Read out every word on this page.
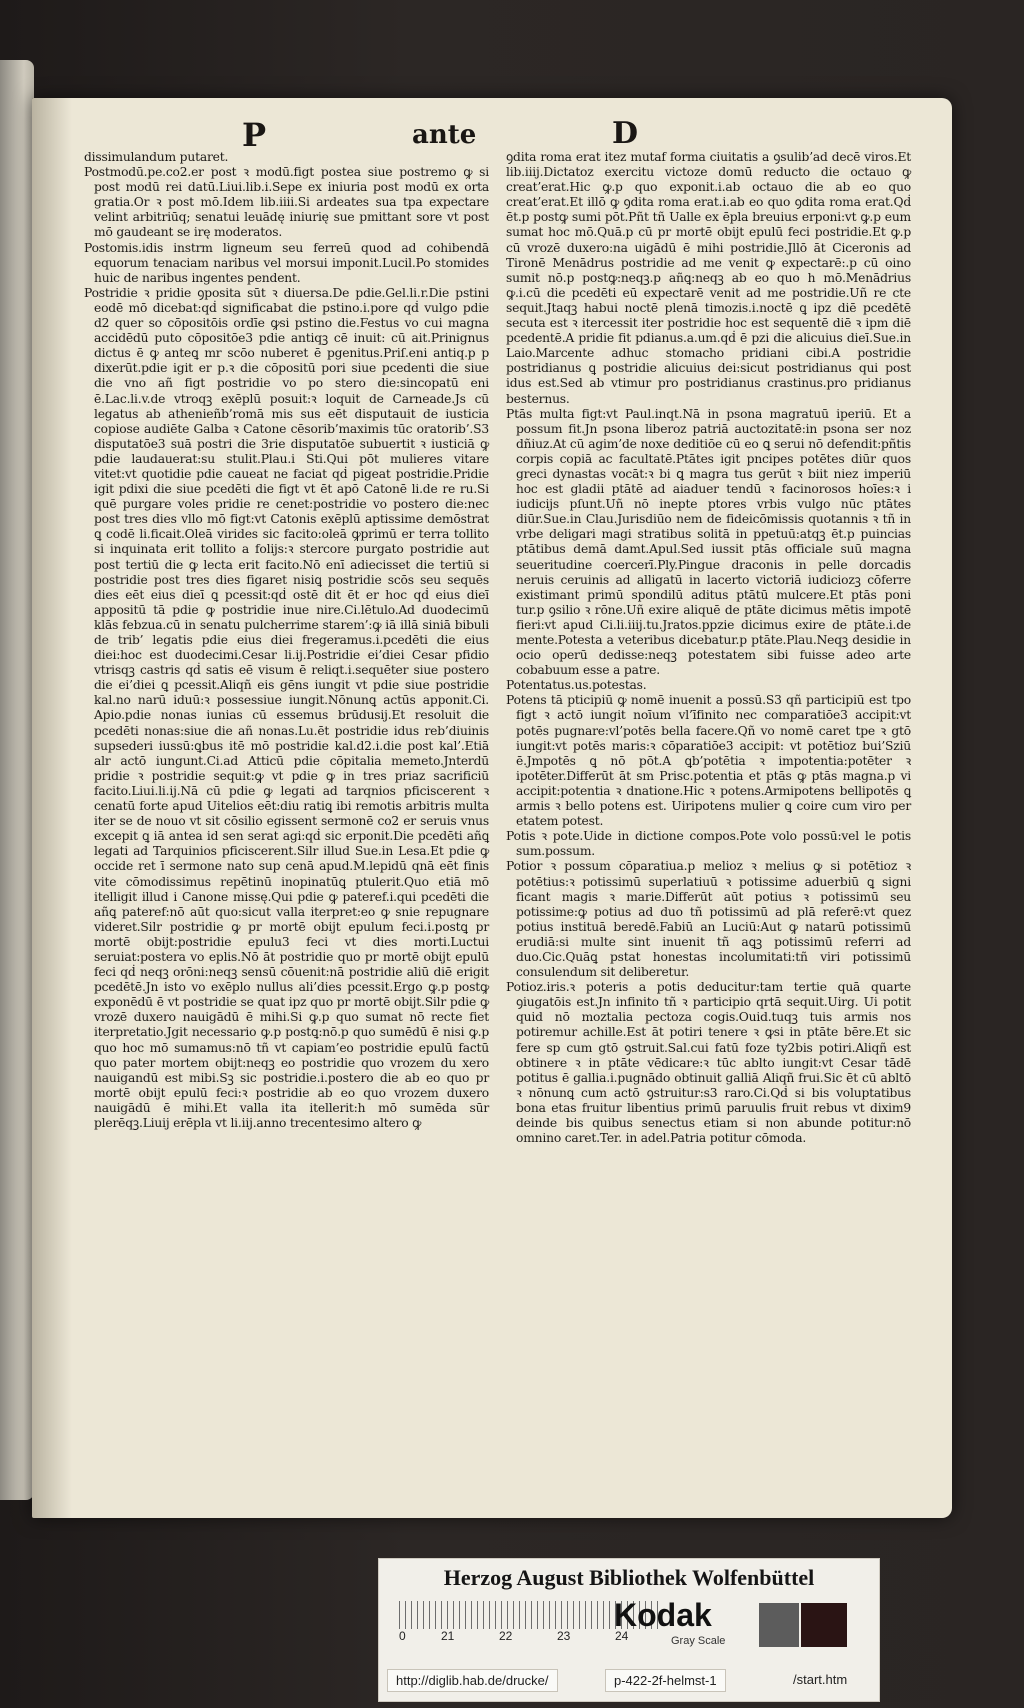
P	ante	D

dissimulandum putaret.

Postmodū.pe.co2.er post ꝛ modū.figt postea siue postremo ꝙ si post modū rei datū.Liui.lib.i.Sepe ex iniuria post modū ex orta gratia.Or ꝛ post mō.Idem lib.iiii.Si ardeates sua tpa expectare velint arbitriūq; senatui leuādę iniurię sue pmittant sore vt post mō gaudeant se irę moderatos.

Postomis.idis instrm ligneum seu ferreū quod ad cohibendā equorum tenaciam naribus vel morsui imponit.Lucil.Po stomides huic de naribus ingentes pendent.

Postridie ꝛ pridie ꝯposita sūt ꝛ diuersa.De pdie.Gel.li.r.Die pstini eodē mō dicebat:qḋ significabat die pstino.i.pore qḋ vulgo pdie d2 quer so cōpositōis ordīe ꝙsi pstino die.Festus vo cui magna accidēdū puto cōpositōe3 pdie antiqꝫ cē inuit: cū ait.Prinignus dictus ē ꝙ anteꝗ mr scōo nuberet ē pgenitus.Priſ.eni antiq.p p dixerūt.pdie igit er p.ꝛ die cōpositū pori siue pcedenti die siue die vno añ figt postridie vo po stero die:sincopatū eni ē.Lac.li.v.de vtroqꝫ exēplū posuit:ꝛ loquit de Carneade.Js cū legatus ab athenieñb’romā mis sus eēt disputauit de iusticia copiose audiēte Galba ꝛ Catone cēsorib’maximis tūc oratorib’.S3 disputatōe3 suā postri die 3rie disputatōe subuertit ꝛ iusticiā ꝙ pdie laudauerat:su stulit.Plau.i Sti.Qui pōt mulieres vitare vitet:vt quotidie pdie caueat ne faciat qḋ pigeat postridie.Pridie igit pdixi die siue pcedēti die figt vt ēt apō Catonē li.de re ru.Si quē purgare voles pridie re cenet:postridie vo postero die:nec post tres dies vllo mō figt:vt Catonis exēplū aptissime demōstrat ꝗ codē li.ficait.Oleā virides sic facito:oleā ꝙprimū er terra tollito si inquinata erit tollito a folijs:ꝛ stercore purgato postridie aut post tertiū die ꝙ lecta erit facito.Nō enī adiecisset die tertiū si postridie post tres dies figaret nisiꝗ postridie scōs seu sequēs dies eēt eius dieī ꝗ pcessit:qḋ ostē dit ēt er hoc qḋ eius dieī appositū tā pdie ꝙ postridie inue nire.Ci.lētulo.Ad duodecimū klās febzua.cū in senatu pulcherrime starem’:ꝙ iā illā siniā bibuli de trib’ legatis pdie eius diei fregeramus.i.pcedēti die eius diei:hoc est duodecimi.Cesar li.ij.Postridie ei’diei Cesar pfidio vtrisqꝫ castris qḋ satis eē visum ē reliqt.i.sequēter siue postero die ei’diei ꝗ pcessit.Aliqñ eis gēns iungit vt pdie siue postridie kal.no narū iduū:ꝛ possessiue iungit.Nōnunꝗ actūs apponit.Ci. Apio.pdie nonas iunias cū essemus brūdusij.Et resoluit die pcedēti nonas:siue die añ nonas.Lu.ēt postridie idus reb’diuinis supsederi iussū:ꝗbus itē mō postridie kal.d2.i.die post kal’.Etiā alr actō iungunt.Ci.ad Atticū pdie cōpitalia memeto.Jnterdū pridie ꝛ postridie sequit:ꝙ vt pdie ꝙ in tres priaz sacrificiū facito.Liui.li.ij.Nā cū pdie ꝙ legati ad tarqnios pficiscerent ꝛ cenatū forte apud Uitelios eēt:diu ratiꝗ ibi remotis arbitris multa iter se de nouo vt sit cōsilio egissent sermonē co2 er seruis vnus excepit ꝗ iā antea id sen serat agi:qḋ sic erponit.Die pcedēti añꝗ legati ad Tarquinios pficiscerent.Silr illud Sue.in Lesa.Et pdie ꝙ occide ret ī sermone nato sup cenā apud.M.lepidū qnā eēt finis vite cōmodissimus repētinū inopinatūꝗ ptulerit.Quo etiā mō itelligit illud i Canone missę.Qui pdie ꝙ pateref.i.qui pcedēti die añꝗ pateref:nō aūt quo:sicut valla iterpret:eo ꝙ snie repugnare videret.Silr postridie ꝙ pr mortē obijt epulum feci.i.postꝗ pr mortē obijt:postridie epulu3 feci vt dies morti.Luctui seruiat:postera vo eplis.Nō āt postridie quo pr mortē obijt epulū feci qḋ neqꝫ orōni:neqꝫ sensū cōuenit:nā postridie aliū diē erigit pcedētē.Jn isto vo exēplo nullus ali’dies pcessit.Ergo ꝙ.p postꝙ exponēdū ē vt postridie se quat ipz quo pr mortē obijt.Silr pdie ꝙ vrozē duxero nauigādū ē mihi.Si ꝙ.p quo sumat nō recte fiet iterpretatio.Jgit necessario ꝙ.p postꝗ:nō.p quo sumēdū ē nisi ꝙ.p quo hoc mō sumamus:nō tñ vt capiam’eo postridie epulū factū quo pater mortem obijt:neqꝫ eo postridie quo vrozem du xero nauigandū est mibi.Sꝫ sic postridie.i.postero die ab eo quo pr mortē obijt epulū feci:ꝛ postridie ab eo quo vrozem duxero nauigādū ē mihi.Et valla ita itellerit:h mō sumēda sūr plerēqꝫ.Liuij erēpla vt li.iij.anno trecentesimo altero ꝙ

ꝯdita roma erat itez mutaf forma ciuitatis a ꝯsulib’ad decē viros.Et lib.iiij.Dictatoz exercitu victoze domū reducto die octauo ꝙ creat’erat.Hic ꝙ.p quo exponit.i.ab octauo die ab eo quo creat’erat.Et illō ꝙ ꝯdita roma erat.i.ab eo quo ꝯdita roma erat.Qḋ ēt.p postꝙ sumi pōt.Pñt tñ Ualle ex ēpla breuius erponi:vt ꝙ.p eum sumat hoc mō.Quā.p cū pr mortē obijt epulū feci postridie.Et ꝙ.p cū vrozē duxero:na uigādū ē mihi postridie.Jllō āt Ciceronis ad Tironē Menādrus postridie ad me venit ꝙ expectarē:.p cū oino sumit nō.p postꝙ:neqꝫ.p añꝗ:neqꝫ ab eo quo h mō.Menādrius ꝙ.i.cū die pcedēti eū expectarē venit ad me postridie.Uñ re cte sequit.Jtaqꝫ habui noctē plenā timozis.i.noctē ꝗ ipz diē pcedētē secuta est ꝛ itercessit iter postridie hoc est sequentē diē ꝛ ipm diē pcedentē.A pridie fit pdianus.a.um.qḋ ē pzi die alicuius dieī.Sue.in Laio.Marcente adhuc stomacho pridiani cibi.A postridie postridianus ꝗ postridie alicuius dei:sicut postridianus qui post idus est.Sed ab vtimur pro postridianus crastinus.pro pridianus besternus.

Ptās multa figt:vt Paul.inqt.Nā in psona magratuū iperiū. Et a possum fit.Jn psona liberoz patriā auctozitatē:in psona ser noz dñiuz.At cū agim’de noxe deditiōe cū eo ꝗ serui nō defendit:pñtis corpis copiā ac facultatē.Ptātes igit pncipes potētes diūr quos greci dynastas vocāt:ꝛ bi ꝗ magra tus gerūt ꝛ biit niez imperiū hoc est gladii ptātē ad aiaduer tendū ꝛ facinorosos hoīes:ꝛ i iudicijs pſunt.Uñ nō inepte ptores vrbis vulgo nūc ptātes diūr.Sue.in Clau.Jurisdiūo nem de fideicōmissis quotannis ꝛ tñ in vrbe deligari magi stratibus solitā in ppetuū:atqꝫ ēt.p puincias ptātibus demā damt.Apul.Sed iussit ptās officiale suū magna seueritudine coercerī.Ply.Pingue draconis in pelle dorcadis neruis ceruinis ad alligatū in lacerto victoriā iudiciozꝫ cōferre existimant primū spondilū aditus ptātū mulcere.Et ptās poni tur.p ꝯsilio ꝛ rōne.Uñ exire aliquē de ptāte dicimus mētis impotē fieri:vt apud Ci.li.iiij.tu.Jratos.ppzie dicimus exire de ptāte.i.de mente.Potesta a veteribus dicebatur.p ptāte.Plau.Neqꝫ desidie in ocio operū dedisse:neqꝫ potestatem sibi fuisse adeo arte cobabuum esse a patre.

Potentatus.us.potestas.

Potens tā pticipiū ꝙ nomē inuenit a possū.S3 qñ participiū est tpo figt ꝛ actō iungit noīum vl’īfinito nec comparatiōe3 accipit:vt potēs pugnare:vl’potēs bella facere.Qñ vo nomē caret tpe ꝛ gtō iungit:vt potēs maris:ꝛ cōparatiōe3 accipit: vt potētioz bui’Sziū ē.Jmpotēs ꝗ nō pōt.A ꝗb’potētia ꝛ impotentia:potēter ꝛ ipotēter.Differūt āt sm Prisc.potentia et ptās ꝙ ptās magna.p vi accipit:potentia ꝛ dnatione.Hic ꝛ potens.Armipotens bellipotēs ꝗ armis ꝛ bello potens est. Uiripotens mulier ꝗ coire cum viro per etatem potest.

Potis ꝛ pote.Uide in dictione compos.Pote volo possū:vel le potis sum.possum.

Potior ꝛ possum cōparatiua.p melioz ꝛ melius ꝙ si potētioz ꝛ potētius:ꝛ potissimū superlatiuū ꝛ potissime aduerbiū ꝗ signi ficant magis ꝛ marie.Differūt aūt potius ꝛ potissimū seu potissime:ꝙ potius ad duo tñ potissimū ad plā referē:vt quez potius instituā beredē.Fabiū an Luciū:Aut ꝙ natarū potissimū erudiā:si multe sint inuenit tñ aꝗꝫ potissimū referri ad duo.Cic.Quāꝗ pstat honestas incolumitati:tñ viri potissimū consulendum sit deliberetur.

Potioz.iris.ꝛ poteris a potis deducitur:tam tertie quā quarte ꝯiugatōis est.Jn infinito tñ ꝛ participio qrtā sequit.Uirg. Ui potit quid nō moztalia pectoza cogis.Ouid.tuqꝫ tuis armis nos potiremur achille.Est āt potiri tenere ꝛ ꝙsi in ptāte bēre.Et sic fere sp cum gtō ꝯstruit.Sal.cui fatū foze ty2bis potiri.Aliqñ est obtinere ꝛ in ptāte vēdicare:ꝛ tūc ablto iungit:vt Cesar tādē potitus ē gallia.i.pugnādo obtinuit galliā Aliqñ frui.Sic ēt cū abltō ꝛ nōnunꝗ cum actō ꝯstruitur:s3 raro.Ci.Qḋ si bis voluptatibus bona etas fruitur libentius primū paruulis fruit rebus vt dixim9 deinde bis quibus senectus etiam si non abunde potitur:nō omnino caret.Ter. in adel.Patria potitur cōmoda.

Herzog August Bibliothek Wolfenbüttel
0	21	22	23	24
Kodak
Gray Scale
http://diglib.hab.de/drucke/	p-422-2f-helmst-1	/start.htm
